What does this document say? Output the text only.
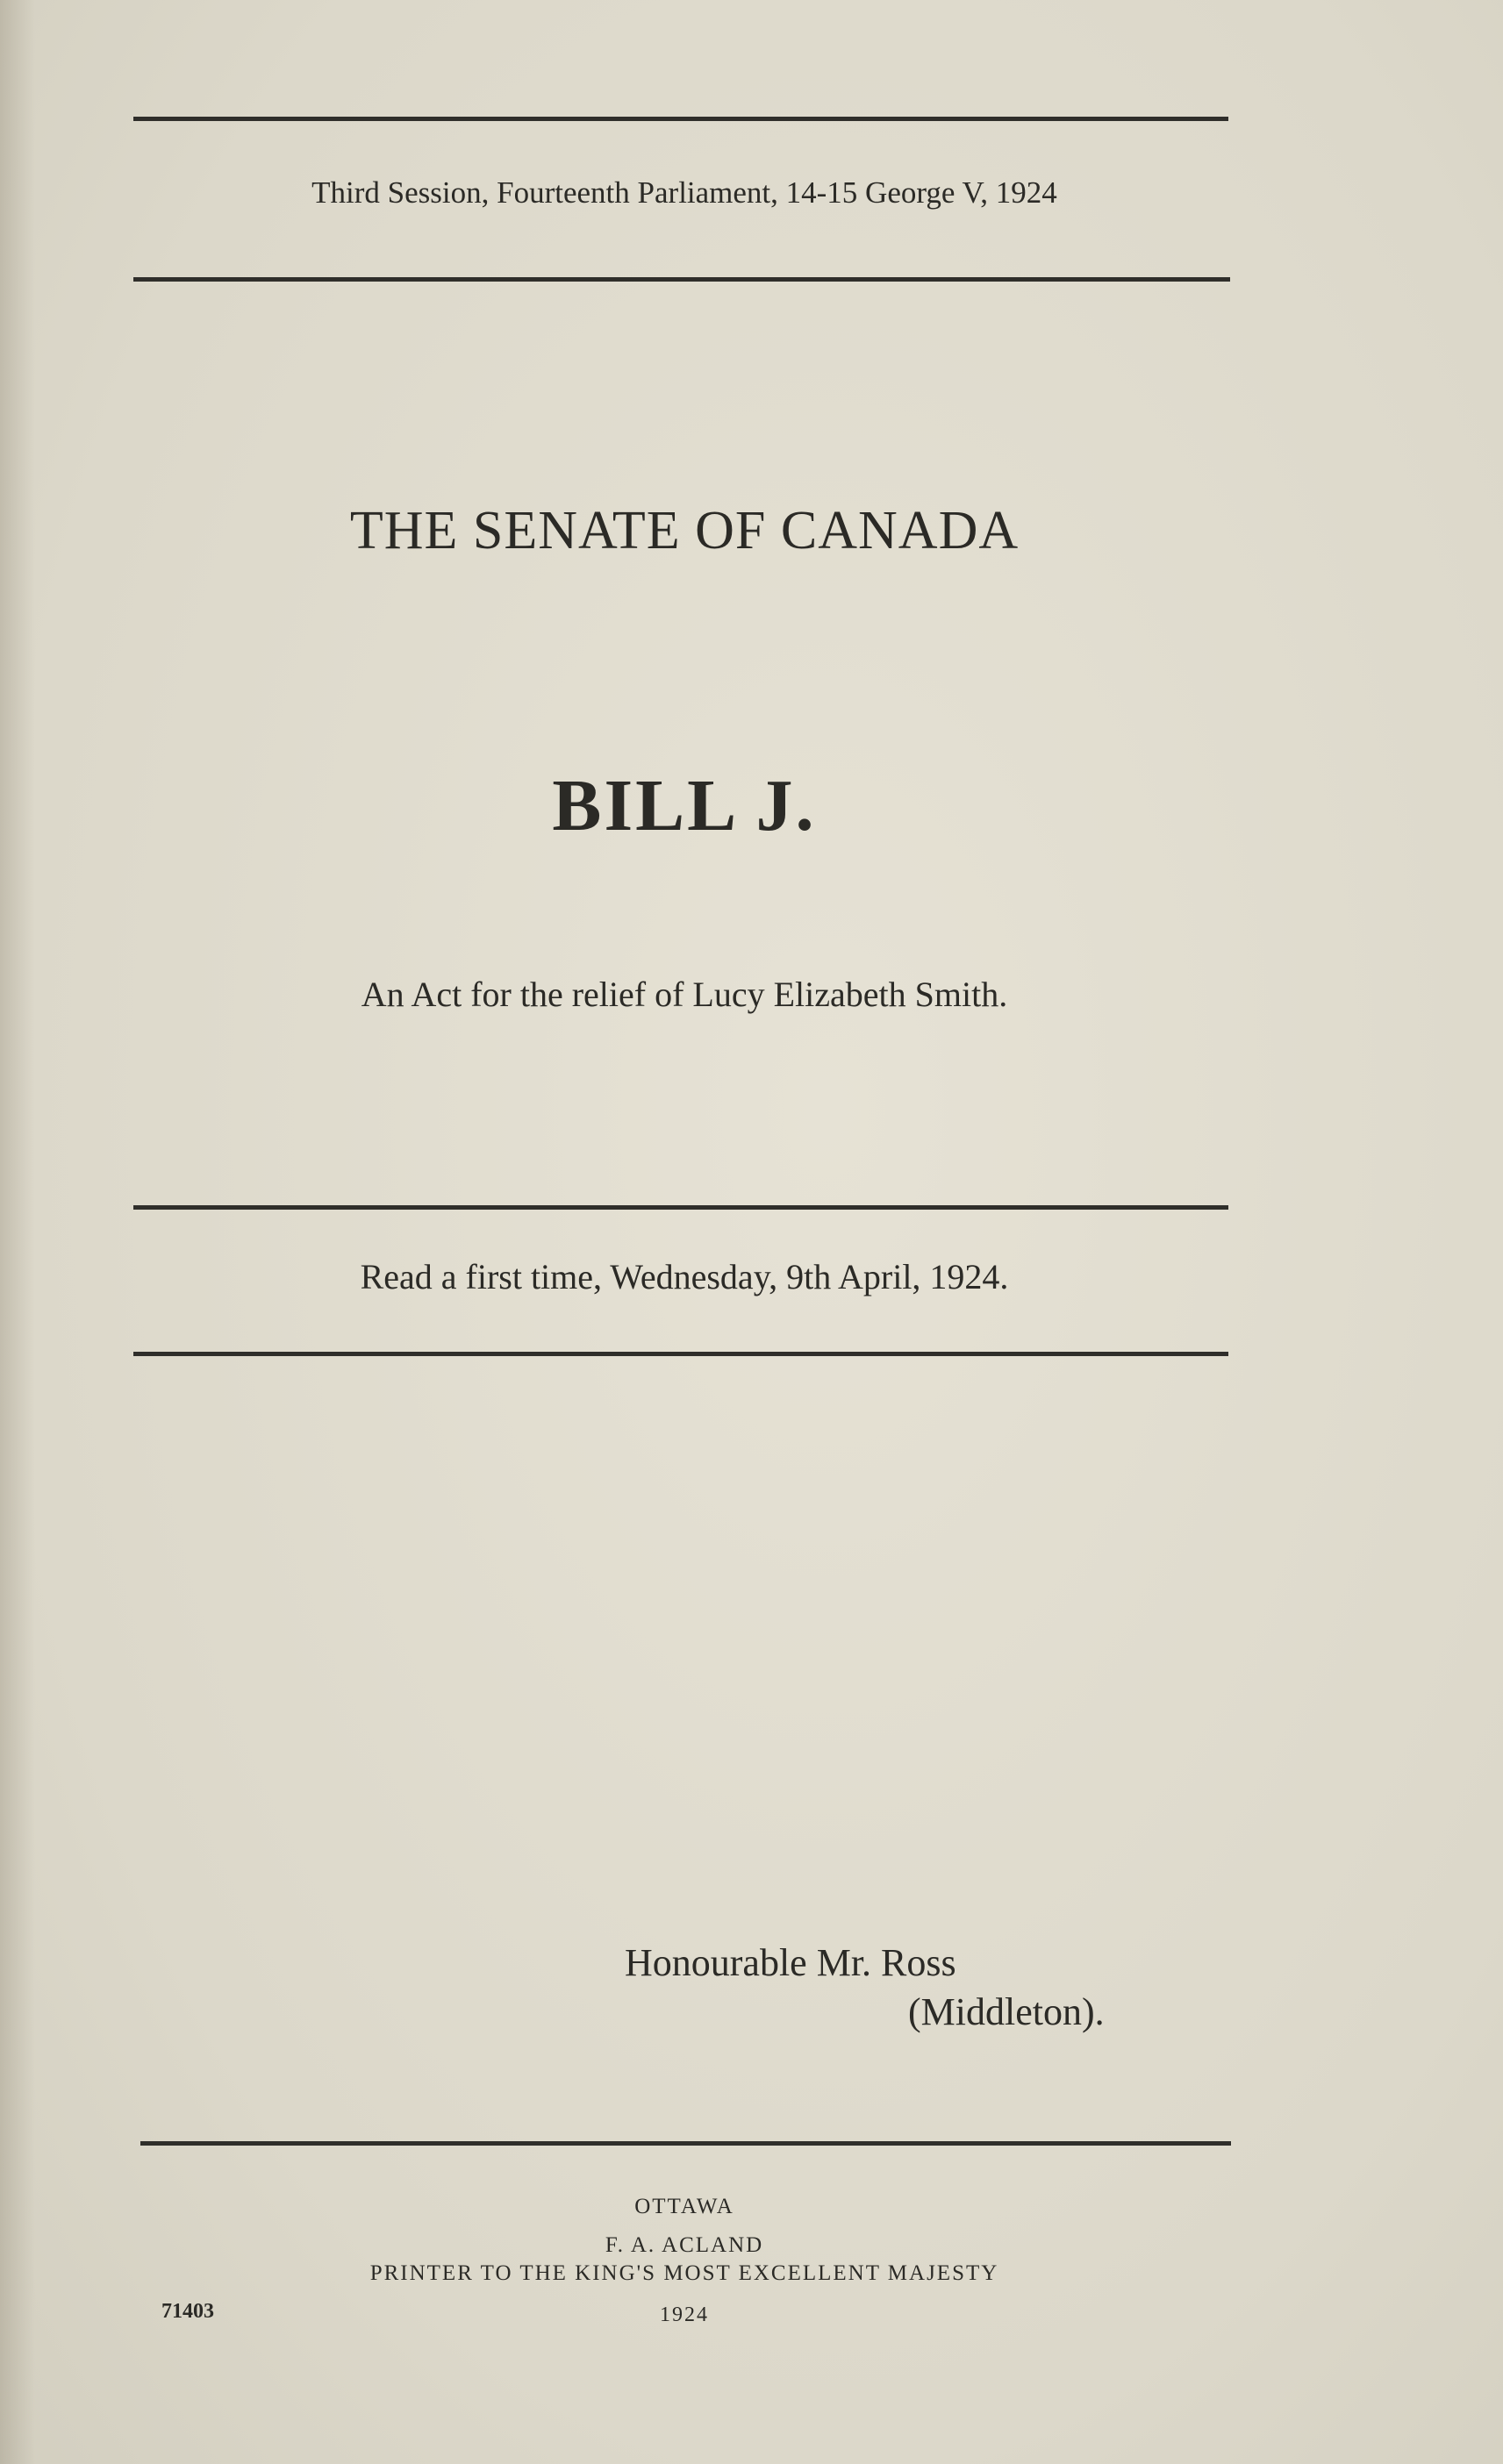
Third Session, Fourteenth Parliament, 14-15 George V, 1924
THE SENATE OF CANADA
BILL J.
An Act for the relief of Lucy Elizabeth Smith.
Read a first time, Wednesday, 9th April, 1924.
Honourable Mr. Ross
(Middleton).
OTTAWA
F. A. ACLAND
PRINTER TO THE KING'S MOST EXCELLENT MAJESTY
1924
71403
